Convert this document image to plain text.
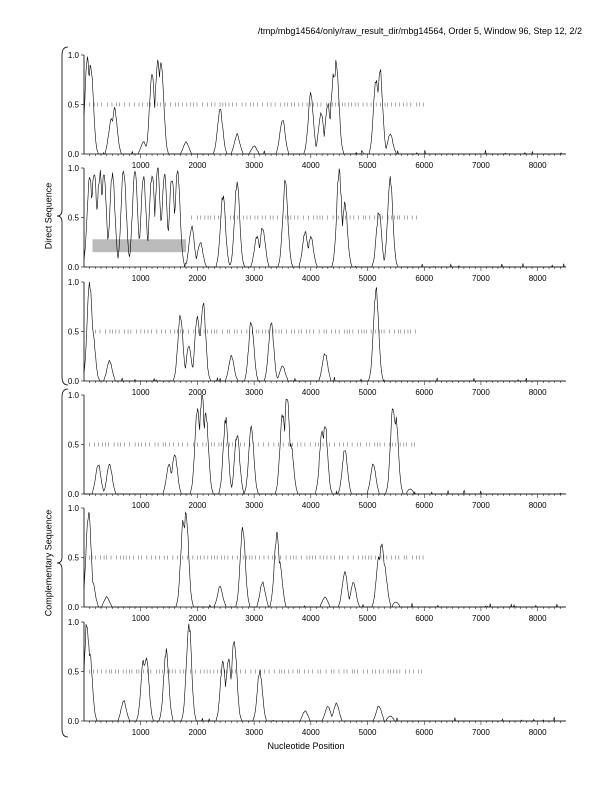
/tmp/mbg14564/only/raw_result_dir/mbg14564, Order 5, Window 96, Step 12, 2/2
0.0
0.5
1.0
1000	2000	3000	4000	5000	6000	7000	8000
0.0
0.5
1.0
1000	2000	3000	4000	5000	6000	7000	8000
0.0
0.5
1.0
1000	2000	3000	4000	5000	6000	7000	8000
0.0
0.5
1.0
1000	2000	3000	4000	5000	6000	7000	8000
0.0
0.5
1.0
1000	2000	3000	4000	5000	6000	7000	8000
0.0
0.5
1.0
1000	2000	3000	4000	5000	6000	7000	8000
Direct Sequence
Complementary Sequence
Nucleotide Position
